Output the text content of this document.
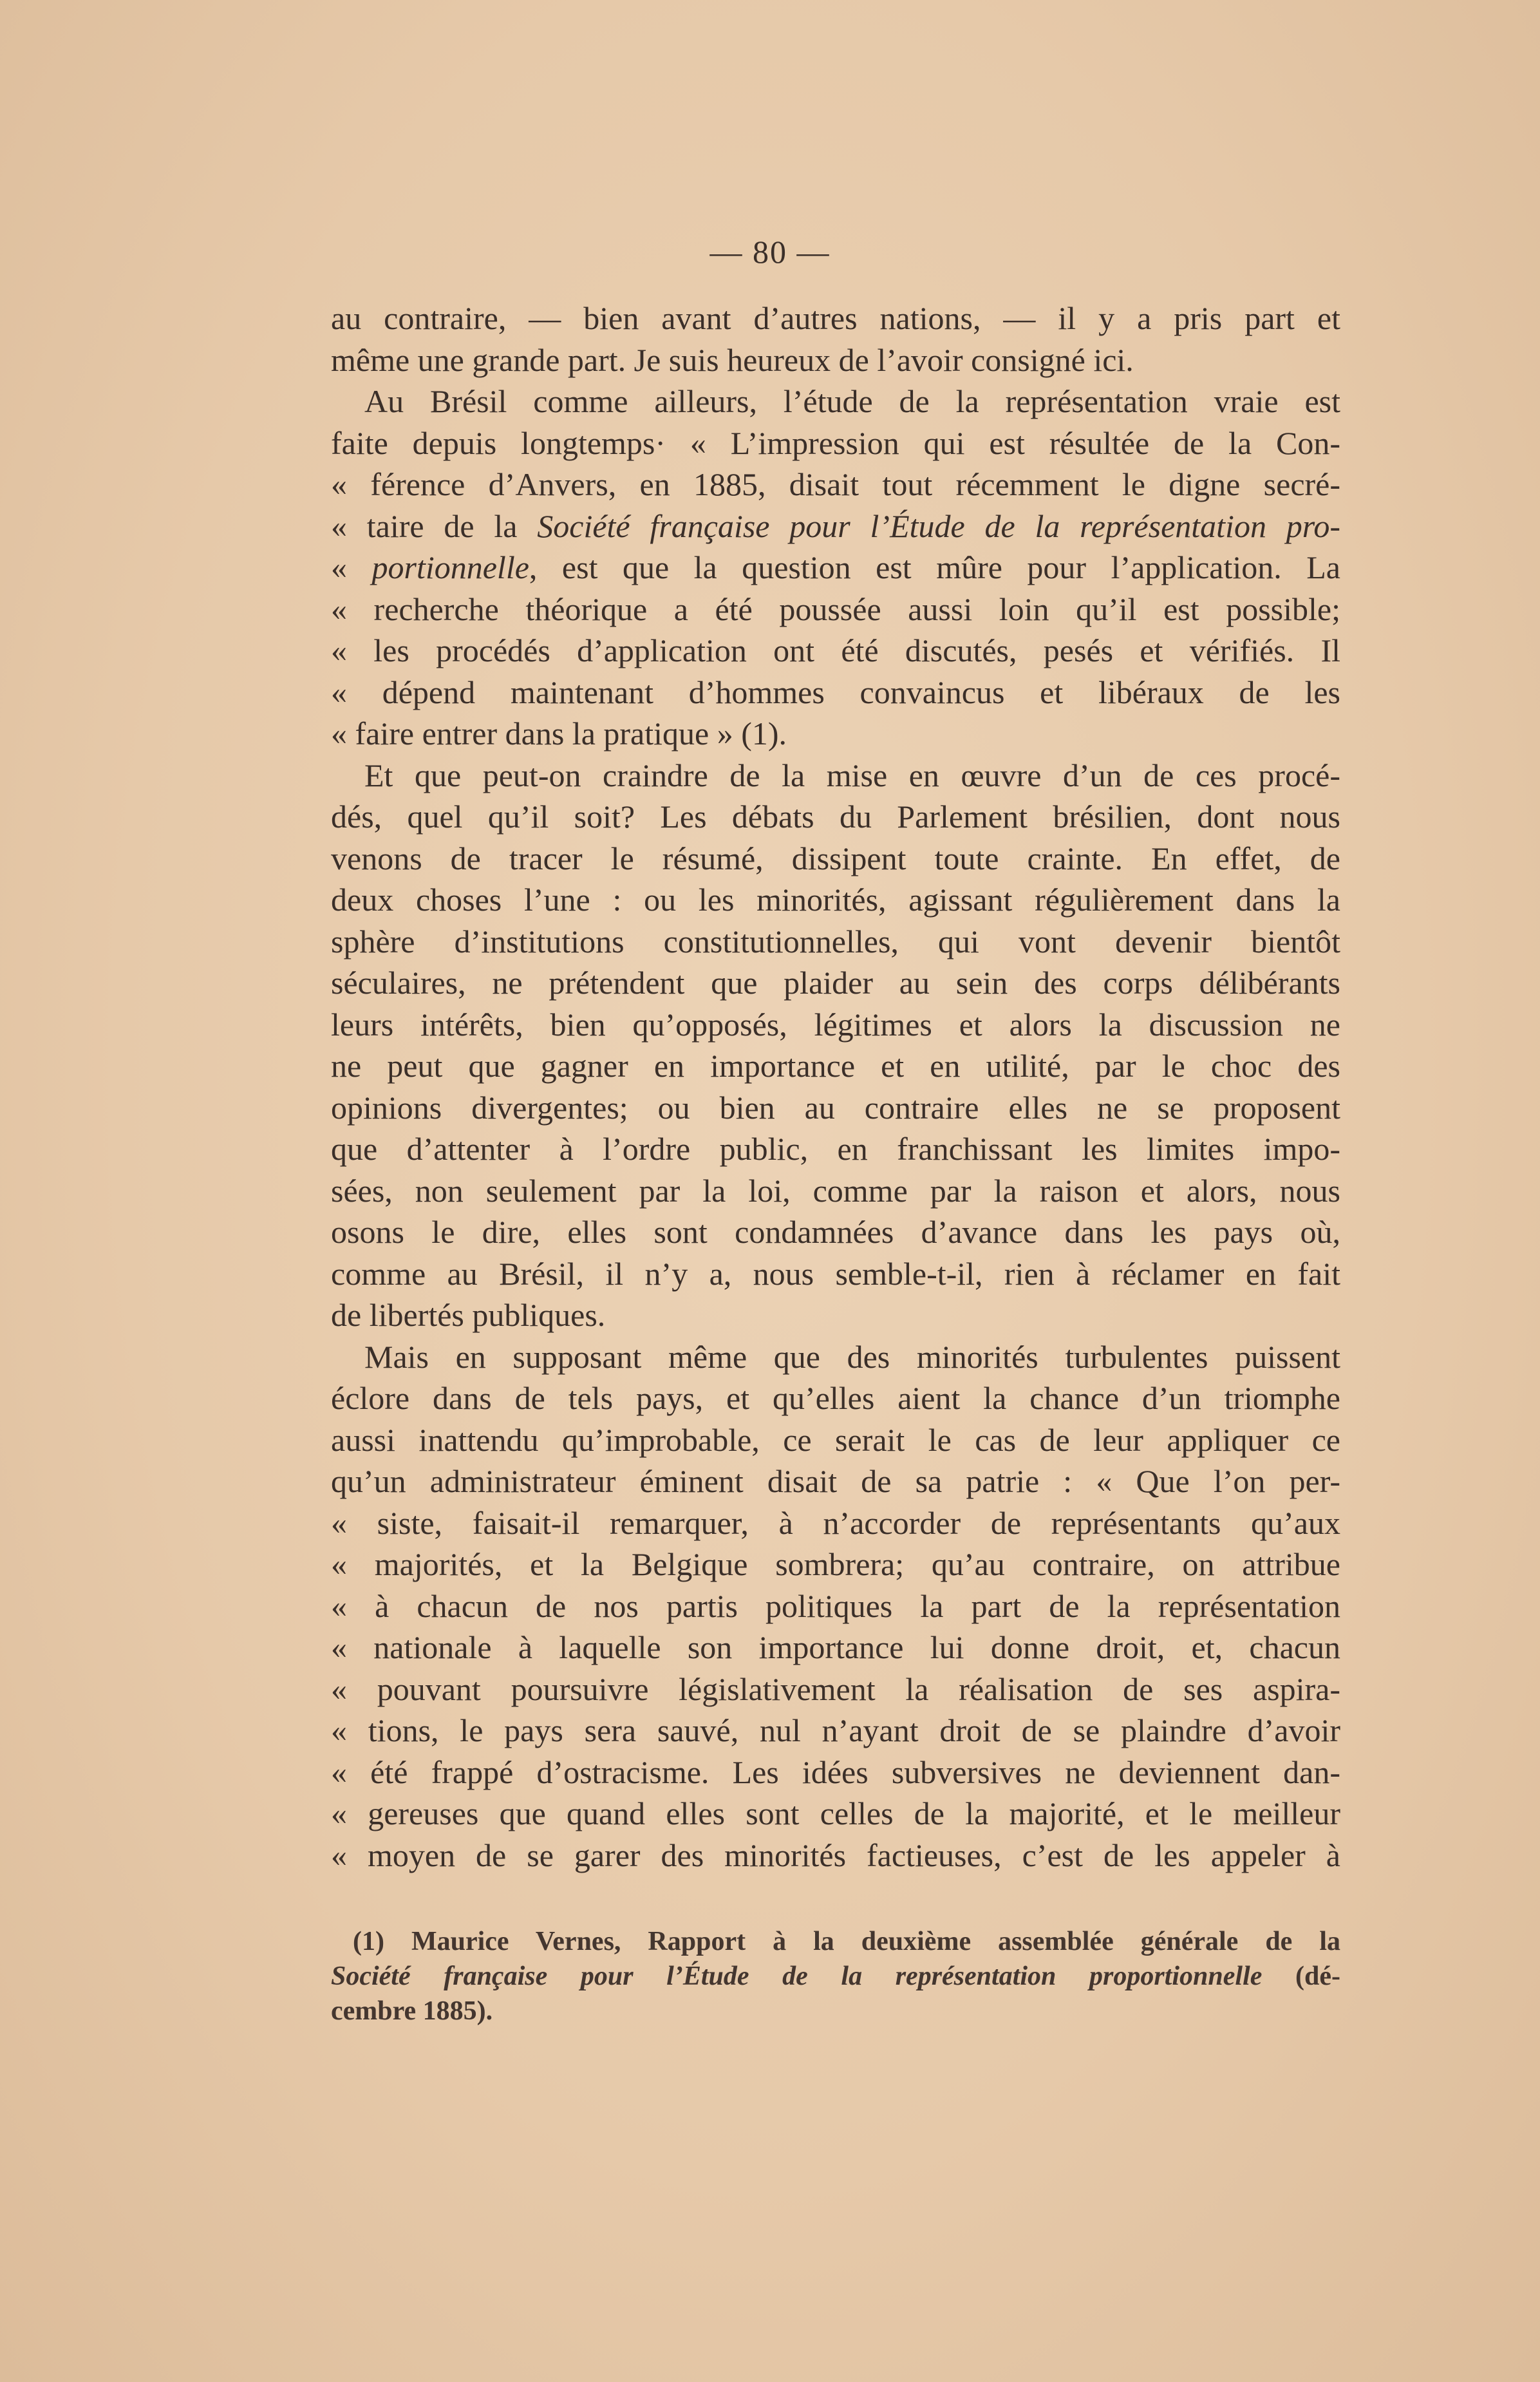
— 80 —
au contraire, — bien avant d’autres nations, — il y a pris part et
même une grande part. Je suis heureux de l’avoir consigné ici.
Au Brésil comme ailleurs, l’étude de la représentation vraie est
faite depuis longtemps· « L’impression qui est résultée de la Con-
« férence d’Anvers, en 1885, disait tout récemment le digne secré-
« taire de la Société française pour l’Étude de la représentation pro-
« portionnelle, est que la question est mûre pour l’application. La
« recherche théorique a été poussée aussi loin qu’il est possible;
« les procédés d’application ont été discutés, pesés et vérifiés. Il
« dépend maintenant d’hommes convaincus et libéraux de les
« faire entrer dans la pratique » (1).
Et que peut-on craindre de la mise en œuvre d’un de ces procé-
dés, quel qu’il soit? Les débats du Parlement brésilien, dont nous
venons de tracer le résumé, dissipent toute crainte. En effet, de
deux choses l’une : ou les minorités, agissant régulièrement dans la
sphère d’institutions constitutionnelles, qui vont devenir bientôt
séculaires, ne prétendent que plaider au sein des corps délibérants
leurs intérêts, bien qu’opposés, légitimes et alors la discussion ne
ne peut que gagner en importance et en utilité, par le choc des
opinions divergentes; ou bien au contraire elles ne se proposent
que d’attenter à l’ordre public, en franchissant les limites impo-
sées, non seulement par la loi, comme par la raison et alors, nous
osons le dire, elles sont condamnées d’avance dans les pays où,
comme au Brésil, il n’y a, nous semble-t-il, rien à réclamer en fait
de libertés publiques.
Mais en supposant même que des minorités turbulentes puissent
éclore dans de tels pays, et qu’elles aient la chance d’un triomphe
aussi inattendu qu’improbable, ce serait le cas de leur appliquer ce
qu’un administrateur éminent disait de sa patrie : « Que l’on per-
« siste, faisait-il remarquer, à n’accorder de représentants qu’aux
« majorités, et la Belgique sombrera; qu’au contraire, on attribue
« à chacun de nos partis politiques la part de la représentation
« nationale à laquelle son importance lui donne droit, et, chacun
« pouvant poursuivre législativement la réalisation de ses aspira-
« tions, le pays sera sauvé, nul n’ayant droit de se plaindre d’avoir
« été frappé d’ostracisme. Les idées subversives ne deviennent dan-
« gereuses que quand elles sont celles de la majorité, et le meilleur
« moyen de se garer des minorités factieuses, c’est de les appeler à
(1) Maurice Vernes, Rapport à la deuxième assemblée générale de la
Société française pour l’Étude de la représentation proportionnelle (dé-
cembre 1885).
